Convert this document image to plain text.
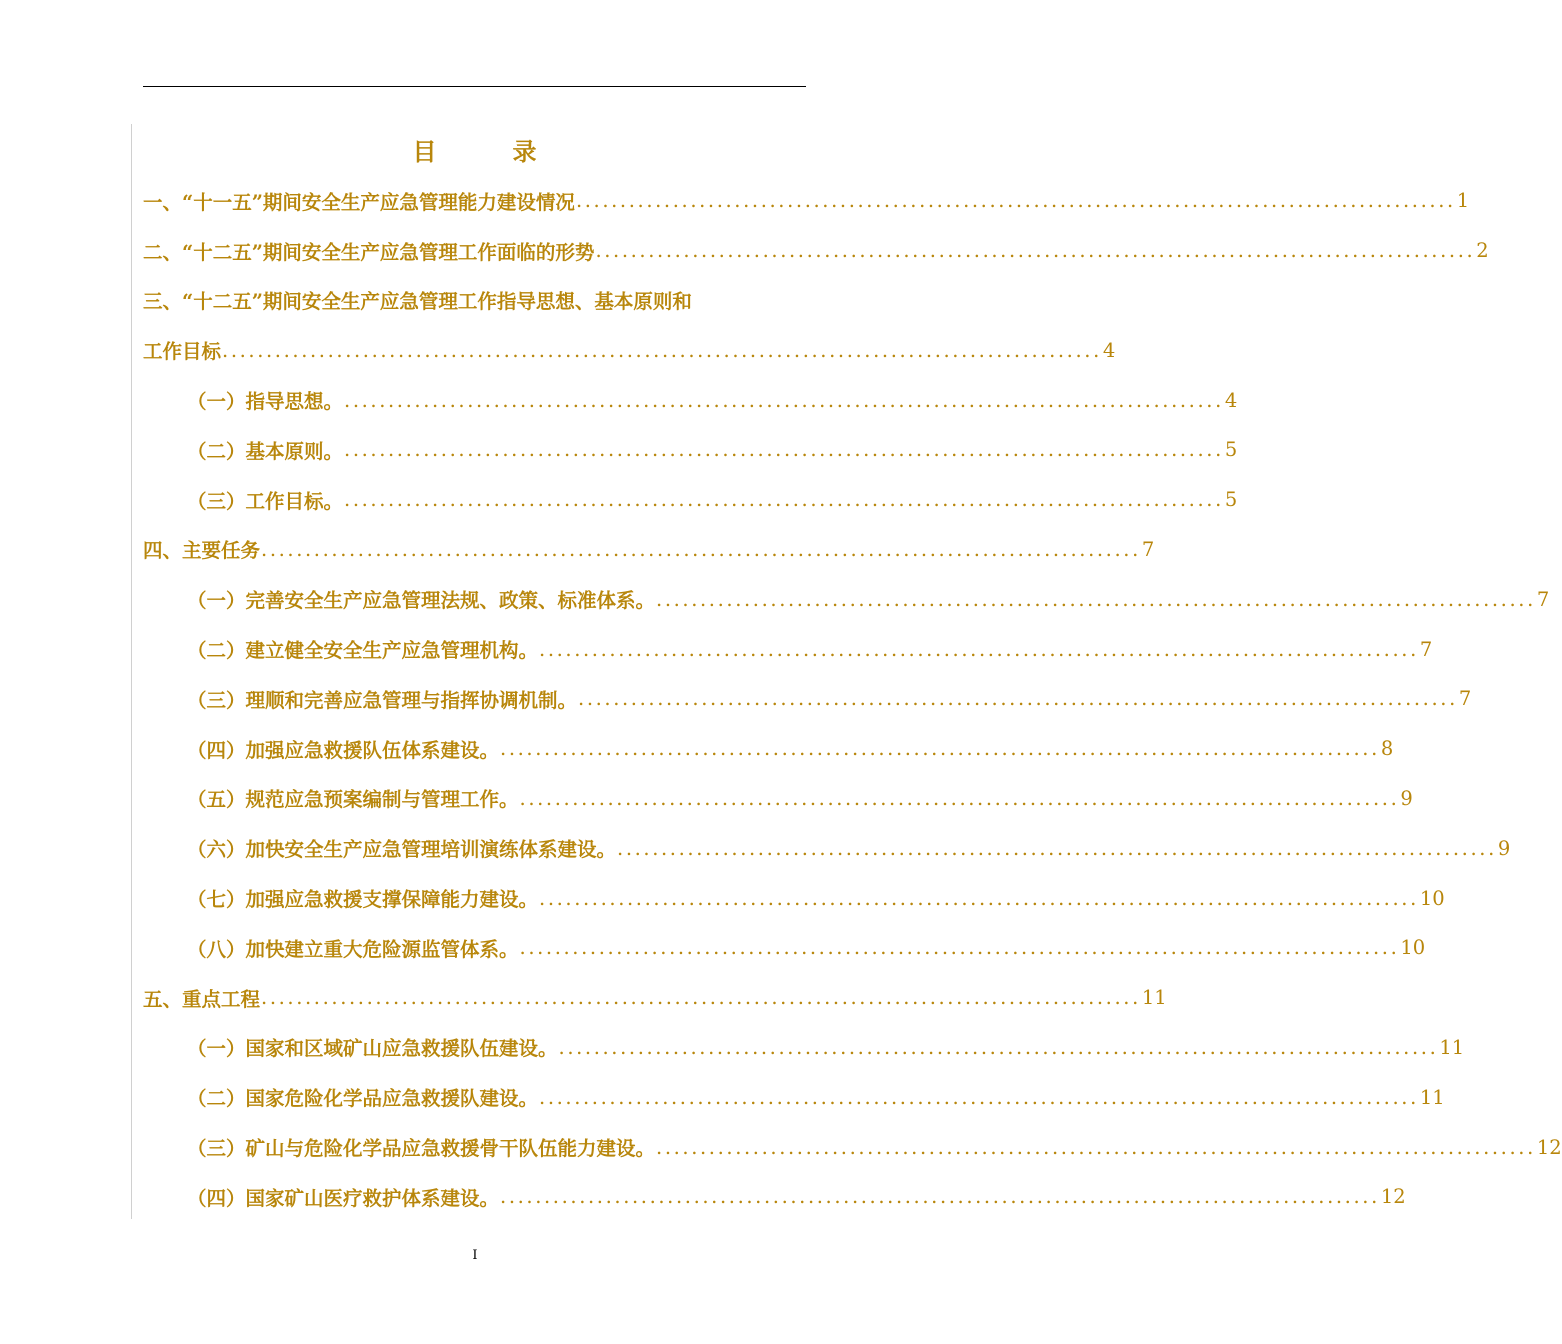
目　录
一、“十一五”期间安全生产应急管理能力建设情况 .................................................................................................... 1
二、“十二五”期间安全生产应急管理工作面临的形势 .................................................................................................... 2
三、“十二五”期间安全生产应急管理工作指导思想、基本原则和
工作目标 .................................................................................................... 4
（一）指导思想。 .................................................................................................... 4
（二）基本原则。 .................................................................................................... 5
（三）工作目标。 .................................................................................................... 5
四、主要任务 .................................................................................................... 7
（一）完善安全生产应急管理法规、政策、标准体系。 .................................................................................................... 7
（二）建立健全安全生产应急管理机构。 .................................................................................................... 7
（三）理顺和完善应急管理与指挥协调机制。 .................................................................................................... 7
（四）加强应急救援队伍体系建设。 .................................................................................................... 8
（五）规范应急预案编制与管理工作。 .................................................................................................... 9
（六）加快安全生产应急管理培训演练体系建设。 .................................................................................................... 9
（七）加强应急救援支撑保障能力建设。 .................................................................................................... 10
（八）加快建立重大危险源监管体系。 .................................................................................................... 10
五、重点工程 .................................................................................................... 11
（一）国家和区域矿山应急救援队伍建设。 .................................................................................................... 11
（二）国家危险化学品应急救援队建设。 .................................................................................................... 11
（三）矿山与危险化学品应急救援骨干队伍能力建设。 .................................................................................................... 12
（四）国家矿山医疗救护体系建设。 .................................................................................................... 12
I
